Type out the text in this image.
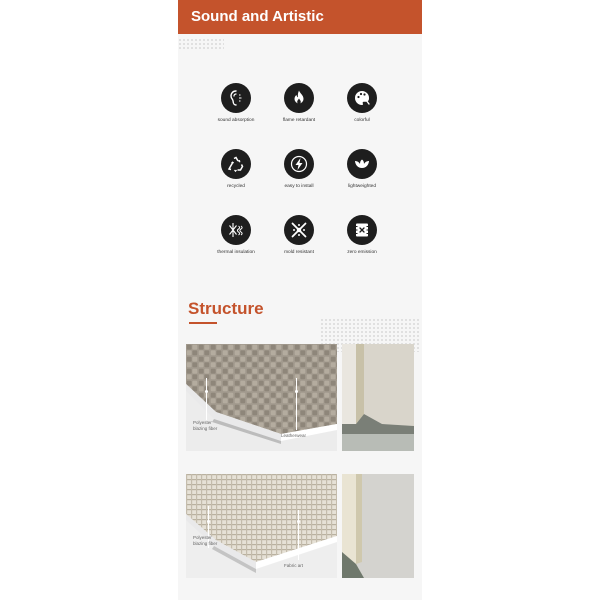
Sound and Artistic
sound absorption	flame retardant	colorful
recycled	easy to install	lightweighted
thermal insulation	mold resistant	zero emission
Structure
Polyester
blazing fiber
Leatherwear
Polyester
blazing fiber
Fabric art
